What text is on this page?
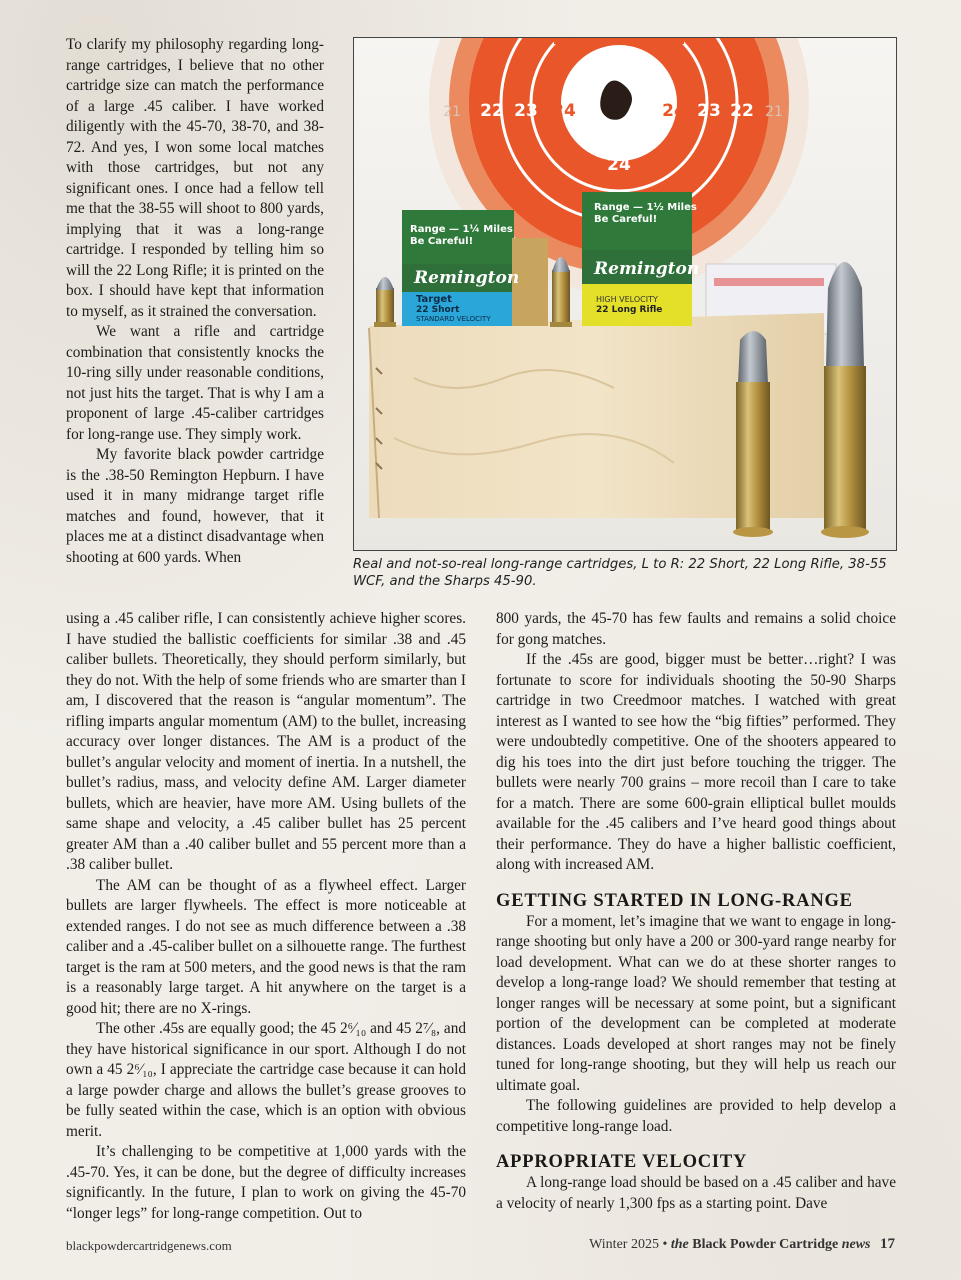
To clarify my philosophy regarding long-range cartridges, I believe that no other cartridge size can match the performance of a large .45 caliber. I have worked diligently with the 45-70, 38-70, and 38-72. And yes, I won some local matches with those cartridges, but not any significant ones. I once had a fellow tell me that the 38-55 will shoot to 800 yards, implying that it was a long-range cartridge. I responded by telling him so will the 22 Long Rifle; it is printed on the box. I should have kept that information to myself, as it strained the conversation.

We want a rifle and cartridge combination that consistently knocks the 10-ring silly under reasonable conditions, not just hits the target. That is why I am a proponent of large .45-caliber cartridges for long-range use. They simply work.

My favorite black powder cartridge is the .38-50 Remington Hepburn. I have used it in many midrange target rifle matches and found, however, that it places me at a distinct disadvantage when shooting at 600 yards. When

24
21 22 23 24	24 23 22 21
24
Range — 1¼ Miles
Be Careful!
Remington
Target
22 Short
STANDARD VELOCITY
Range — 1½ Miles
Be Careful!
Remington
HIGH VELOCITY
22 Long Rifle
Real and not-so-real long-range cartridges, L to R: 22 Short, 22 Long Rifle, 38-55 WCF, and the Sharps 45-90.

using a .45 caliber rifle, I can consistently achieve higher scores. I have studied the ballistic coefficients for similar .38 and .45 caliber bullets. Theoretically, they should perform similarly, but they do not. With the help of some friends who are smarter than I am, I discovered that the reason is “angular momentum”. The rifling imparts angular momentum (AM) to the bullet, increasing accuracy over longer distances. The AM is a product of the bullet’s angular velocity and moment of inertia. In a nutshell, the bullet’s radius, mass, and velocity define AM. Larger diameter bullets, which are heavier, have more AM. Using bullets of the same shape and velocity, a .45 caliber bullet has 25 percent greater AM than a .40 caliber bullet and 55 percent more than a .38 caliber bullet.

The AM can be thought of as a flywheel effect. Larger bullets are larger flywheels. The effect is more noticeable at extended ranges. I do not see as much difference between a .38 caliber and a .45-caliber bullet on a silhouette range. The furthest target is the ram at 500 meters, and the good news is that the ram is a reasonably large target. A hit anywhere on the target is a good hit; there are no X-rings.

The other .45s are equally good; the 45 2⁶⁄₁₀ and 45 2⁷⁄₈, and they have historical significance in our sport. Although I do not own a 45 2⁶⁄₁₀, I appreciate the cartridge case because it can hold a large powder charge and allows the bullet’s grease grooves to be fully seated within the case, which is an option with obvious merit.

It’s challenging to be competitive at 1,000 yards with the .45-70. Yes, it can be done, but the degree of difficulty increases significantly. In the future, I plan to work on giving the 45-70 “longer legs” for long-range competition. Out to

800 yards, the 45-70 has few faults and remains a solid choice for gong matches.

If the .45s are good, bigger must be better…right? I was fortunate to score for individuals shooting the 50-90 Sharps cartridge in two Creedmoor matches. I watched with great interest as I wanted to see how the “big fifties” performed. They were undoubtedly competitive. One of the shooters appeared to dig his toes into the dirt just before touching the trigger. The bullets were nearly 700 grains – more recoil than I care to take for a match. There are some 600-grain elliptical bullet moulds available for the .45 calibers and I’ve heard good things about their performance. They do have a higher ballistic coefficient, along with increased AM.

GETTING STARTED IN LONG-RANGE

For a moment, let’s imagine that we want to engage in long-range shooting but only have a 200 or 300-yard range nearby for load development. What can we do at these shorter ranges to develop a long-range load? We should remember that testing at longer ranges will be necessary at some point, but a significant portion of the development can be completed at moderate distances. Loads developed at short ranges may not be finely tuned for long-range shooting, but they will help us reach our ultimate goal.

The following guidelines are provided to help develop a competitive long-range load.

APPROPRIATE VELOCITY

A long-range load should be based on a .45 caliber and have a velocity of nearly 1,300 fps as a starting point. Dave

blackpowdercartridgenews.com	Winter 2025 • the Black Powder Cartridge news 17
